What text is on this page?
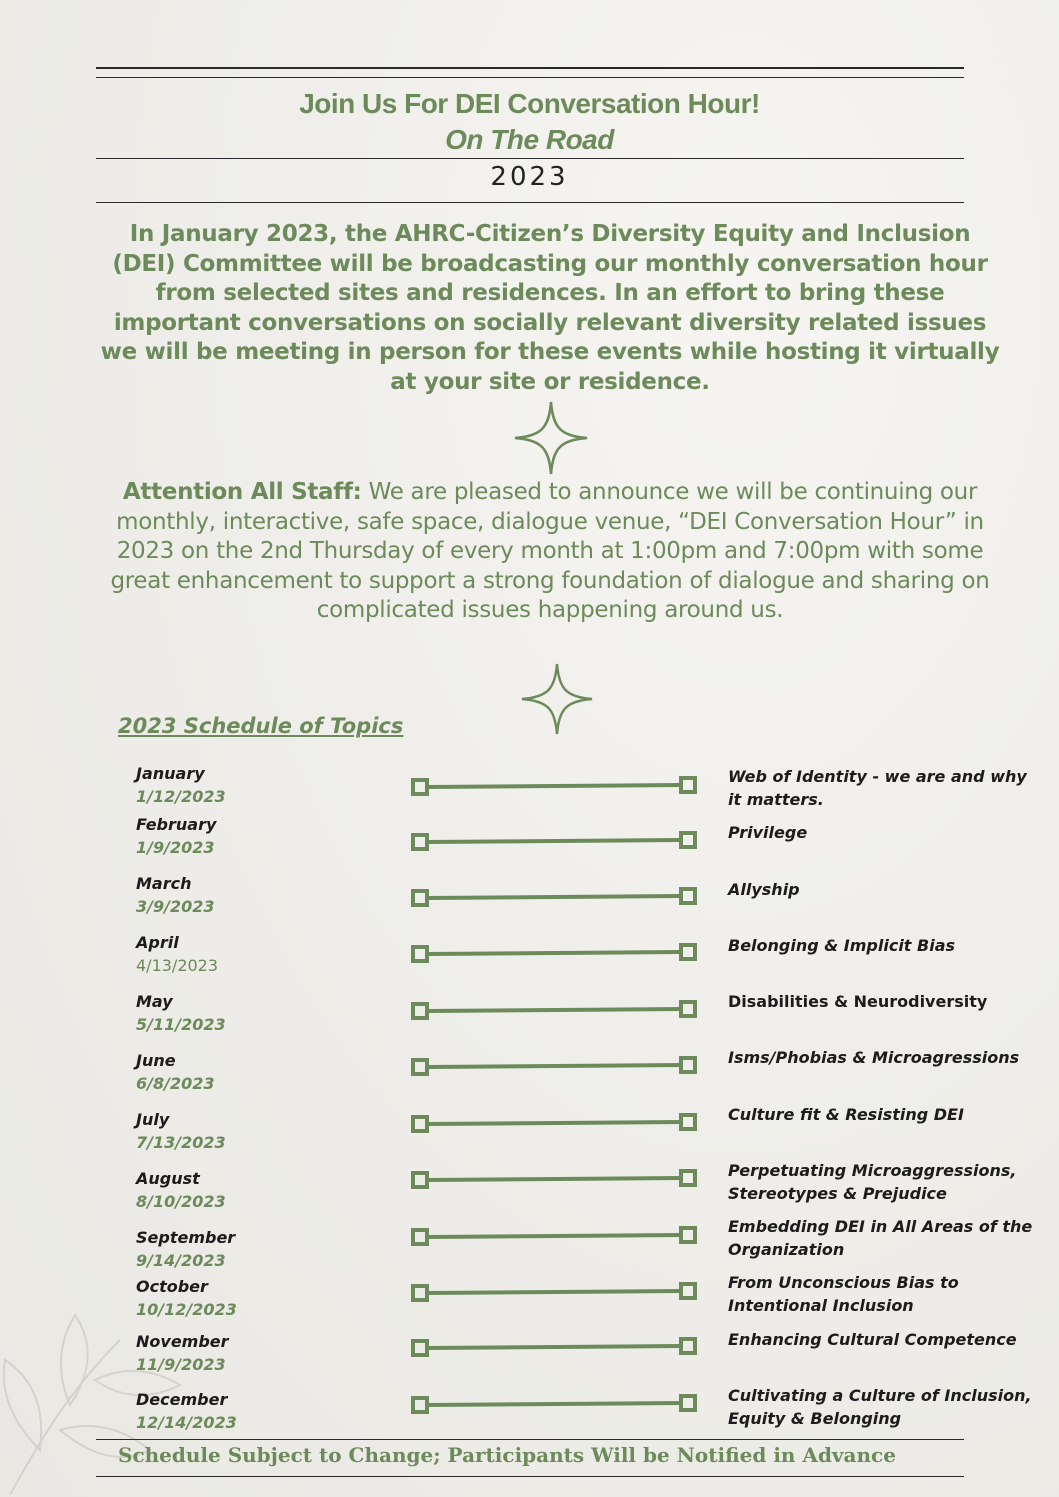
Join Us For DEI Conversation Hour!
On The Road
2023
In January 2023, the AHRC-Citizen’s Diversity Equity and Inclusion (DEI) Committee will be broadcasting our monthly conversation hour from selected sites and residences. In an effort to bring these important conversations on socially relevant diversity related issues we will be meeting in person for these events while hosting it virtually at your site or residence.
Attention All Staff: We are pleased to announce we will be continuing our monthly, interactive, safe space, dialogue venue, “DEI Conversation Hour” in 2023 on the 2nd Thursday of every month at 1:00pm and 7:00pm with some great enhancement to support a strong foundation of dialogue and sharing on complicated issues happening around us.
2023 Schedule of Topics
January
1/12/2023
Web of Identity - we are and why it matters.
February
1/9/2023
Privilege
March
3/9/2023
Allyship
April
4/13/2023
Belonging & Implicit Bias
May
5/11/2023
Disabilities & Neurodiversity
June
6/8/2023
Isms/Phobias & Microagressions
July
7/13/2023
Culture fit & Resisting DEI
August
8/10/2023
Perpetuating Microaggressions, Stereotypes & Prejudice
September
9/14/2023
Embedding DEI in All Areas of the Organization
October
10/12/2023
From Unconscious Bias to Intentional Inclusion
November
11/9/2023
Enhancing Cultural Competence
December
12/14/2023
Cultivating a Culture of Inclusion, Equity & Belonging
Schedule Subject to Change; Participants Will be Notified in Advance
